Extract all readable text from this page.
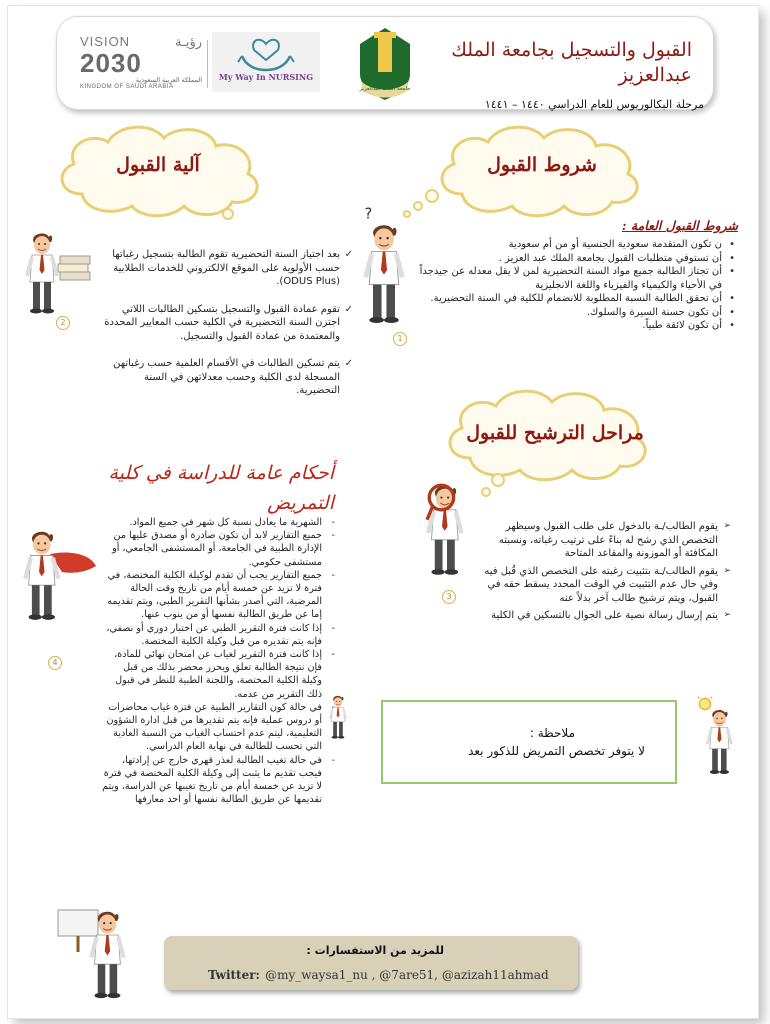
VISION	رؤيـة
2030
المملكة العربية السعودية
KINGDOM OF SAUDI ARABIA
My Way In NURSING
جامعة الملك عبدالعزيز
القبول والتسجيل بجامعة الملك
عبدالعزيز
مرحلة البكالوريوس للعام الدراسي ١٤٤٠ – ١٤٤١
آلية القبول	شروط القبول
?
1
شروط القبول العامة :
• ن تكون المتقدمة سعودية الجنسية أو من أم سعودية
• أن تستوفي متطلبات القبول بجامعة الملك عبد العزيز .
• أن تجتاز الطالبة جميع مواد السنة التحضيرية لمن لا يقل معدله عن جيدجداً في الأحياء والكيمياء والفيزياء واللغة الانجليزية
• أن تحقق الطالبة النسبة المطلوبة للانضمام للكلية في السنة التحضيرية.
• أن تكون حسنة السيرة والسلوك.
• أن تكون لائقة طبياً.
2
✓ بعد اجتياز السنة التحضيرية تقوم الطالبة بتسجيل رغباتها حسب الأولوية على الموقع الالكتروني للخدمات الطلابية (ODUS Plus).
✓ تقوم عمادة القبول والتسجيل بتسكين الطالبات اللاتي اجتزن السنة التحضيرية في الكلية حسب المعايير المحددة والمعتمدة من عمادة القبول والتسجيل.
✓ يتم تسكين الطالبات في الأقسام العلمية حسب رغباتهن المسجلة لدى الكلية وحسب معدلاتهن في السنة التحضيرية.
مراحل الترشيح للقبول
3
➢ يقوم الطالب/ـة بالدخول على طلب القبول وسيظهر التخصص الذي رشح له بناءً على ترتيب رغباته، ونسبته المكافئة أو الموزونة والمقاعد المتاحة
➢ يقوم الطالب/ـة بتثبيت رغبته على التخصص الذي قُبل فيه وفي حال عدم التثبيت في الوقت المحدد يسقط حقه في القبول، ويتم ترشيح طالب آخر بدلاً عنه
➢ يتم إرسال رسالة نصية على الجوال بالتسكين في الكلية
أحكام عامة للدراسة في كلية
التمريض
4
- الشهرية ما يعادل نسبة كل شهر في جميع المواد.
- جميع التقارير لابد أن تكون صادرة أو مصدق عليها من الإدارة الطبية في الجامعة، أو المستشفى الجامعي، أو مستشفى حكومي.
- جميع التقارير يجب أن تقدم لوكيلة الكلية المختصة، في فترة لا تزيد عن خمسة أيام من تاريخ وقت الحالة المرضية، التي أصدر بشأنها التقرير الطبي، ويتم تقديمه إما عن طريق الطالبة نفسها أو من ينوب عنها.
- إذا كانت فترة التقرير الطبي عن اختبار دوري أو نصفي، فإنه يتم تقديره من قبل وكيلة الكلية المختصة.
- إذا كانت فترة التقرير لغياب عن امتحان نهائي للمادة، فإن نتيجة الطالبة تعلق ويحرر محضر بذلك من قبل وكيلة الكلية المختصة، واللجنة الطبية للنظر في قبول ذلك التقرير من عدمه.
- في حالة كون التقارير الطبية عن فترة غياب محاضرات أو دروس عملية فإنه يتم تقديرها من قبل ادارة الشؤون التعليمية، ليتم عدم احتساب الغياب من النسبة العادية التي تحسب للطالبة في نهاية العام الدراسي.
- في حالة تغيب الطالبة لعذر قهري خارج عن إرادتها، فيجب تقديم ما يثبت إلى وكيلة الكلية المختصة في فترة لا تزيد عن خمسة أيام من تاريخ تغيبها عن الدراسة، ويتم تقديمها عن طريق الطالبة نفسها أو احد معارفها
ملاحظة :
لا يتوفر تخصص التمريض للذكور بعد
للمزيد من الاستفسارات :
Twitter: @my_waysa1_nu , @7are51, @azizah11ahmad
